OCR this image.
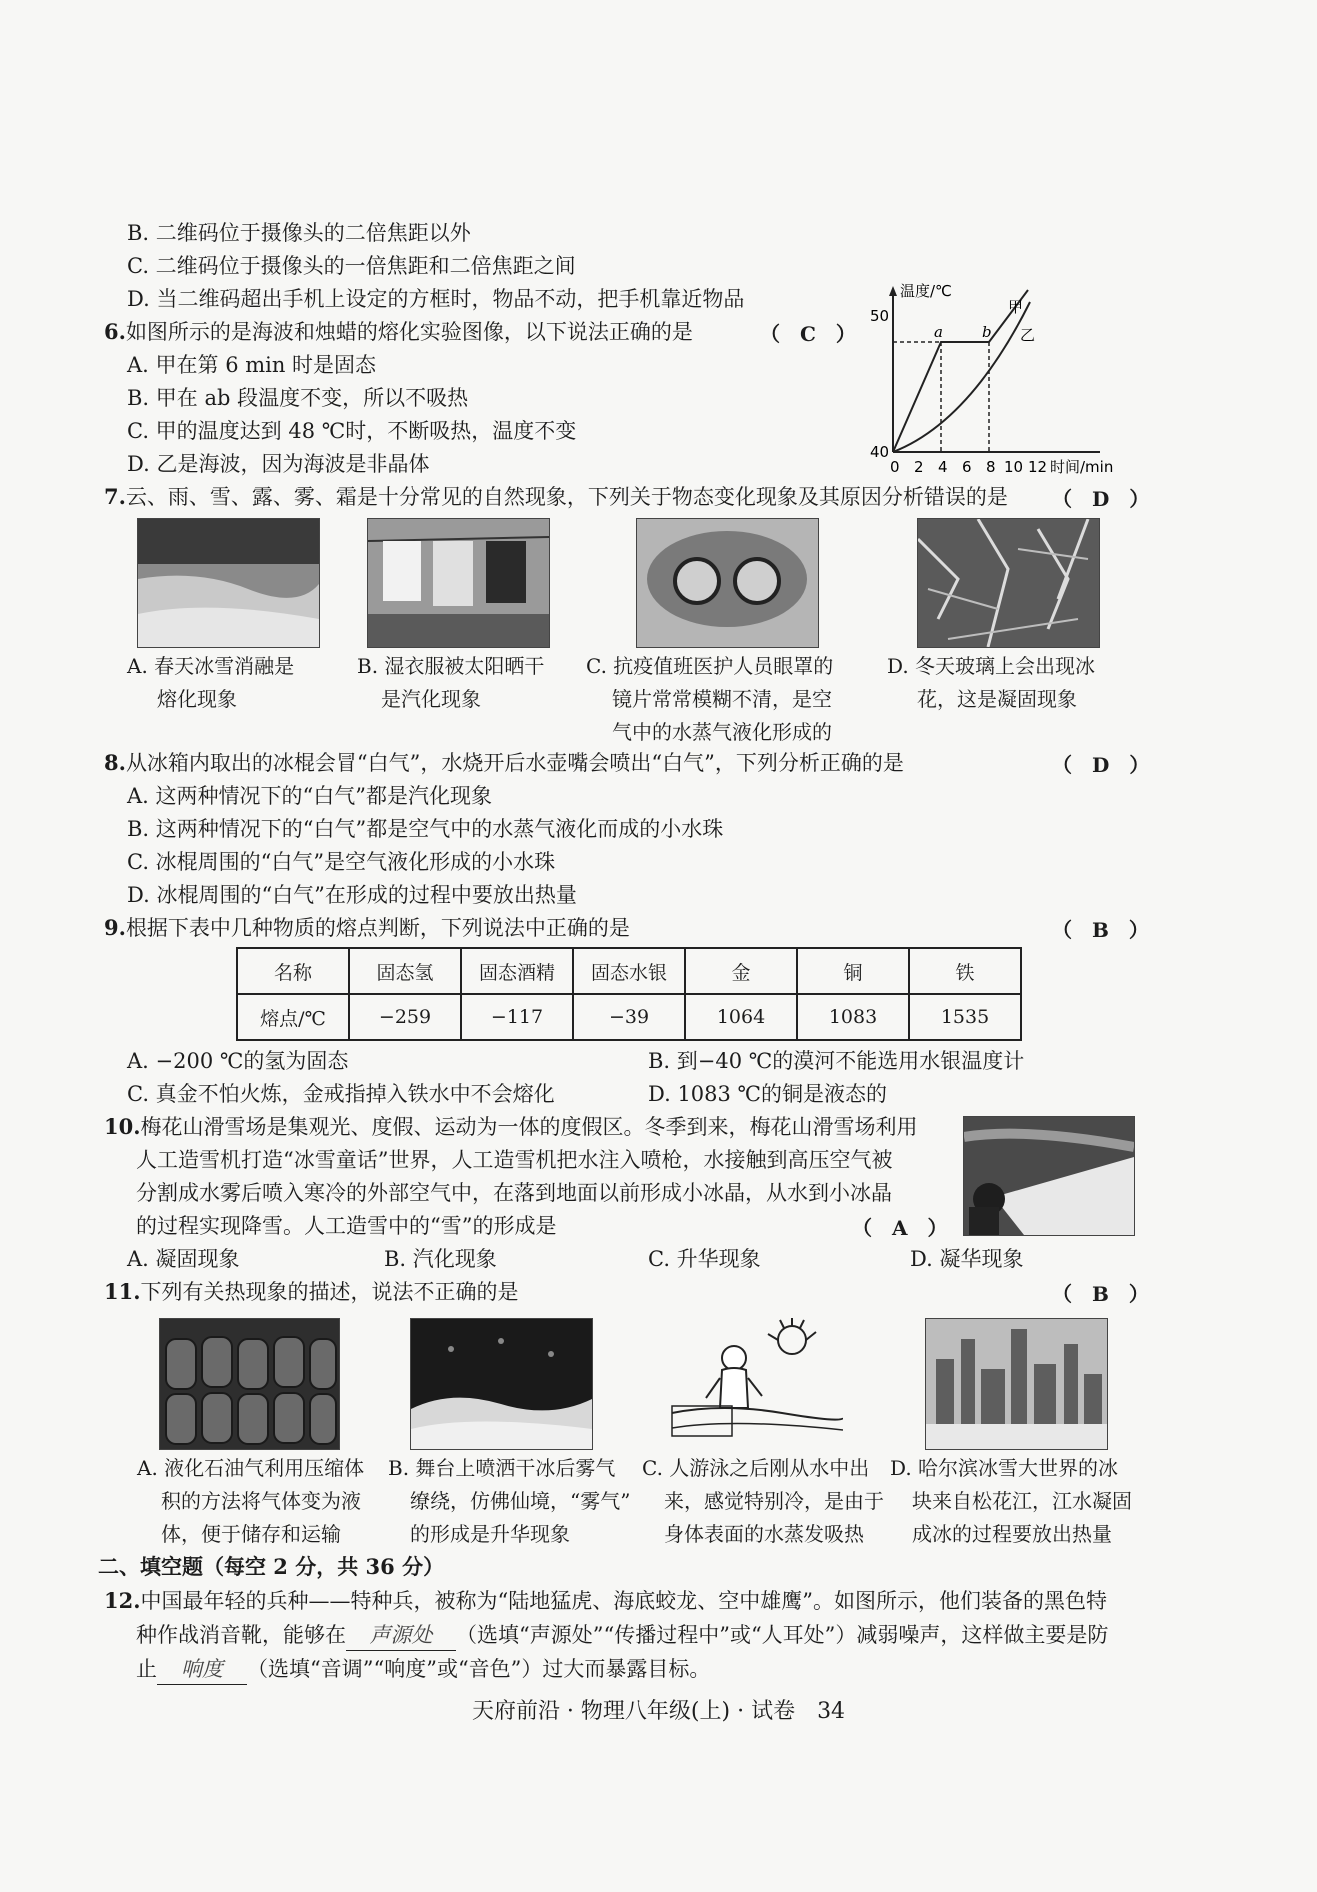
B. 二维码位于摄像头的二倍焦距以外
C. 二维码位于摄像头的一倍焦距和二倍焦距之间
D. 当二维码超出手机上设定的方框时，物品不动，把手机靠近物品
6.如图所示的是海波和烛蜡的熔化实验图像，以下说法正确的是	（　C　）
A. 甲在第 6 min 时是固态
B. 甲在 ab 段温度不变，所以不吸热
C. 甲的温度达到 48 ℃时，不断吸热，温度不变
D. 乙是海波，因为海波是非晶体
温度/℃
50
40
0 2 4 6 8 10 12 时间/min
a	b
甲
乙
7.云、雨、雪、露、雾、霜是十分常见的自然现象，下列关于物态变化现象及其原因分析错误的是 （　D　）
A. 春天冰雪消融是
熔化现象
B. 湿衣服被太阳晒干
是汽化现象
C. 抗疫值班医护人员眼罩的
镜片常常模糊不清，是空
气中的水蒸气液化形成的
D. 冬天玻璃上会出现冰
花，这是凝固现象
8.从冰箱内取出的冰棍会冒“白气”，水烧开后水壶嘴会喷出“白气”，下列分析正确的是	（　D　）
A. 这两种情况下的“白气”都是汽化现象
B. 这两种情况下的“白气”都是空气中的水蒸气液化而成的小水珠
C. 冰棍周围的“白气”是空气液化形成的小水珠
D. 冰棍周围的“白气”在形成的过程中要放出热量
9.根据下表中几种物质的熔点判断，下列说法中正确的是	（　B　）
名称	固态氢	固态酒精	固态水银	金	铜	铁
熔点/℃	−259	−117	−39	1064	1083	1535
A. −200 ℃的氢为固态	B. 到−40 ℃的漠河不能选用水银温度计
C. 真金不怕火炼，金戒指掉入铁水中不会熔化	D. 1083 ℃的铜是液态的
10.梅花山滑雪场是集观光、度假、运动为一体的度假区。冬季到来，梅花山滑雪场利用
人工造雪机打造“冰雪童话”世界，人工造雪机把水注入喷枪，水接触到高压空气被
分割成水雾后喷入寒冷的外部空气中，在落到地面以前形成小冰晶，从水到小冰晶
的过程实现降雪。人工造雪中的“雪”的形成是	（　A　）
A. 凝固现象	B. 汽化现象	C. 升华现象	D. 凝华现象
11.下列有关热现象的描述，说法不正确的是	（　B　）
A. 液化石油气利用压缩体
积的方法将气体变为液
体，便于储存和运输
B. 舞台上喷洒干冰后雾气
缭绕，仿佛仙境，“雾气”
的形成是升华现象
C. 人游泳之后刚从水中出
来，感觉特别冷，是由于
身体表面的水蒸发吸热
D. 哈尔滨冰雪大世界的冰
块来自松花江，江水凝固
成冰的过程要放出热量
二、填空题（每空 2 分，共 36 分）
12.中国最年轻的兵种——特种兵，被称为“陆地猛虎、海底蛟龙、空中雄鹰”。如图所示，他们装备的黑色特
种作战消音靴，能够在 声源处 （选填“声源处”“传播过程中”或“人耳处”）减弱噪声，这样做主要是防
止 响度 （选填“音调”“响度”或“音色”）过大而暴露目标。
天府前沿 · 物理八年级(上) · 试卷　34
